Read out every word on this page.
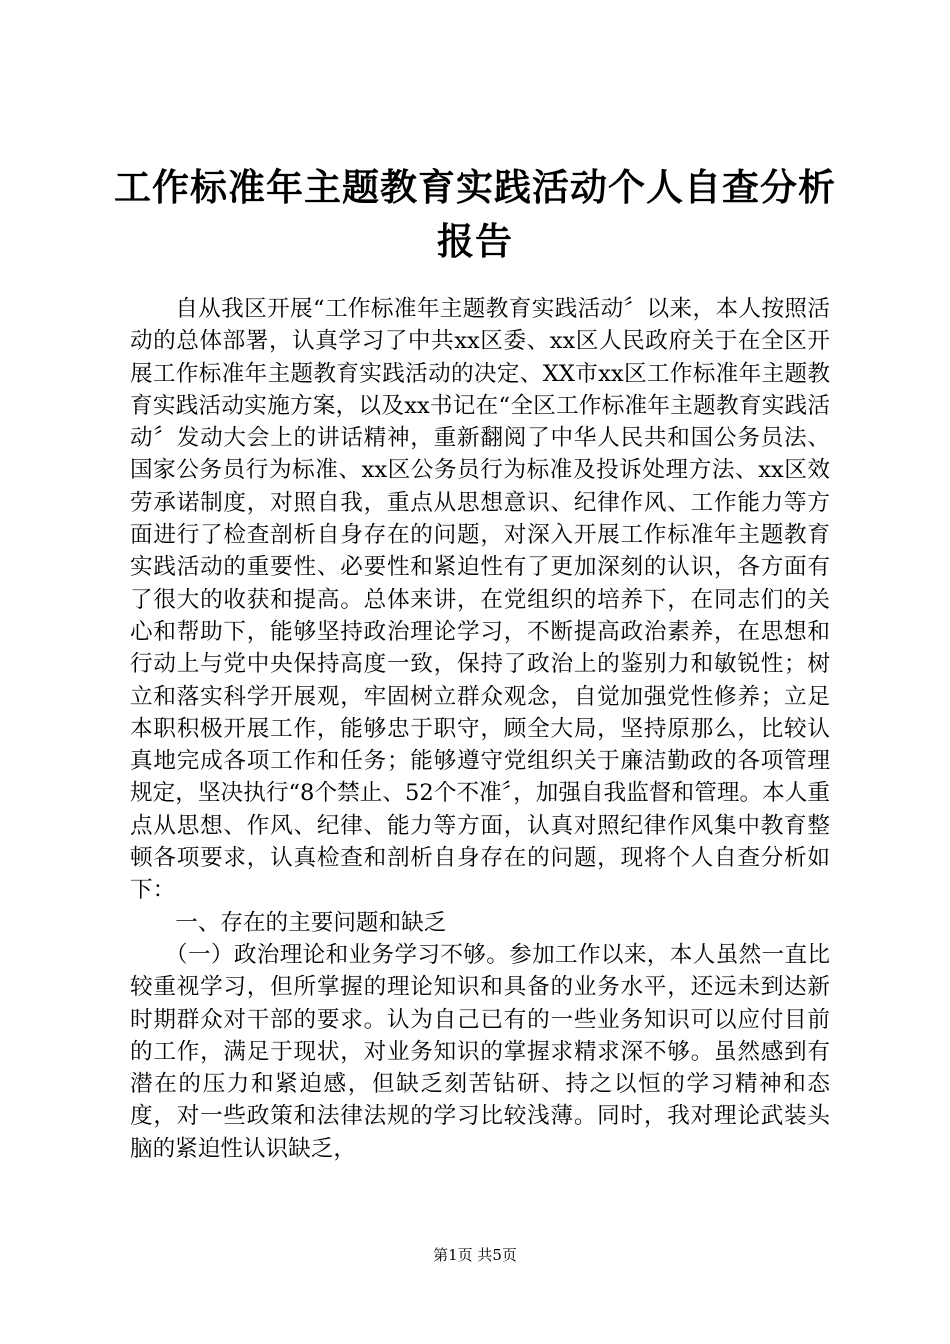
工作标准年主题教育实践活动个人自查分析报告

自从我区开展“工作标准年主题教育实践活动〞以来，本人按照活动的总体部署，认真学习了中共xx区委、xx区人民政府关于在全区开展工作标准年主题教育实践活动的决定、XX市xx区工作标准年主题教育实践活动实施方案，以及xx书记在“全区工作标准年主题教育实践活动〞发动大会上的讲话精神，重新翻阅了中华人民共和国公务员法、国家公务员行为标准、xx区公务员行为标准及投诉处理方法、xx区效劳承诺制度，对照自我，重点从思想意识、纪律作风、工作能力等方面进行了检查剖析自身存在的问题，对深入开展工作标准年主题教育实践活动的重要性、必要性和紧迫性有了更加深刻的认识，各方面有了很大的收获和提高。总体来讲，在党组织的培养下，在同志们的关心和帮助下，能够坚持政治理论学习，不断提高政治素养，在思想和行动上与党中央保持高度一致，保持了政治上的鉴别力和敏锐性；树立和落实科学开展观，牢固树立群众观念，自觉加强党性修养；立足本职积极开展工作，能够忠于职守，顾全大局，坚持原那么，比较认真地完成各项工作和任务；能够遵守党组织关于廉洁勤政的各项管理规定，坚决执行“8个禁止、52个不准〞，加强自我监督和管理。本人重点从思想、作风、纪律、能力等方面，认真对照纪律作风集中教育整顿各项要求，认真检查和剖析自身存在的问题，现将个人自查分析如下：

一、存在的主要问题和缺乏

（一）政治理论和业务学习不够。参加工作以来，本人虽然一直比较重视学习，但所掌握的理论知识和具备的业务水平，还远未到达新时期群众对干部的要求。认为自己已有的一些业务知识可以应付目前的工作，满足于现状，对业务知识的掌握求精求深不够。虽然感到有潜在的压力和紧迫感，但缺乏刻苦钻研、持之以恒的学习精神和态度，对一些政策和法律法规的学习比较浅薄。同时，我对理论武装头脑的紧迫性认识缺乏，

第1页 共5页
